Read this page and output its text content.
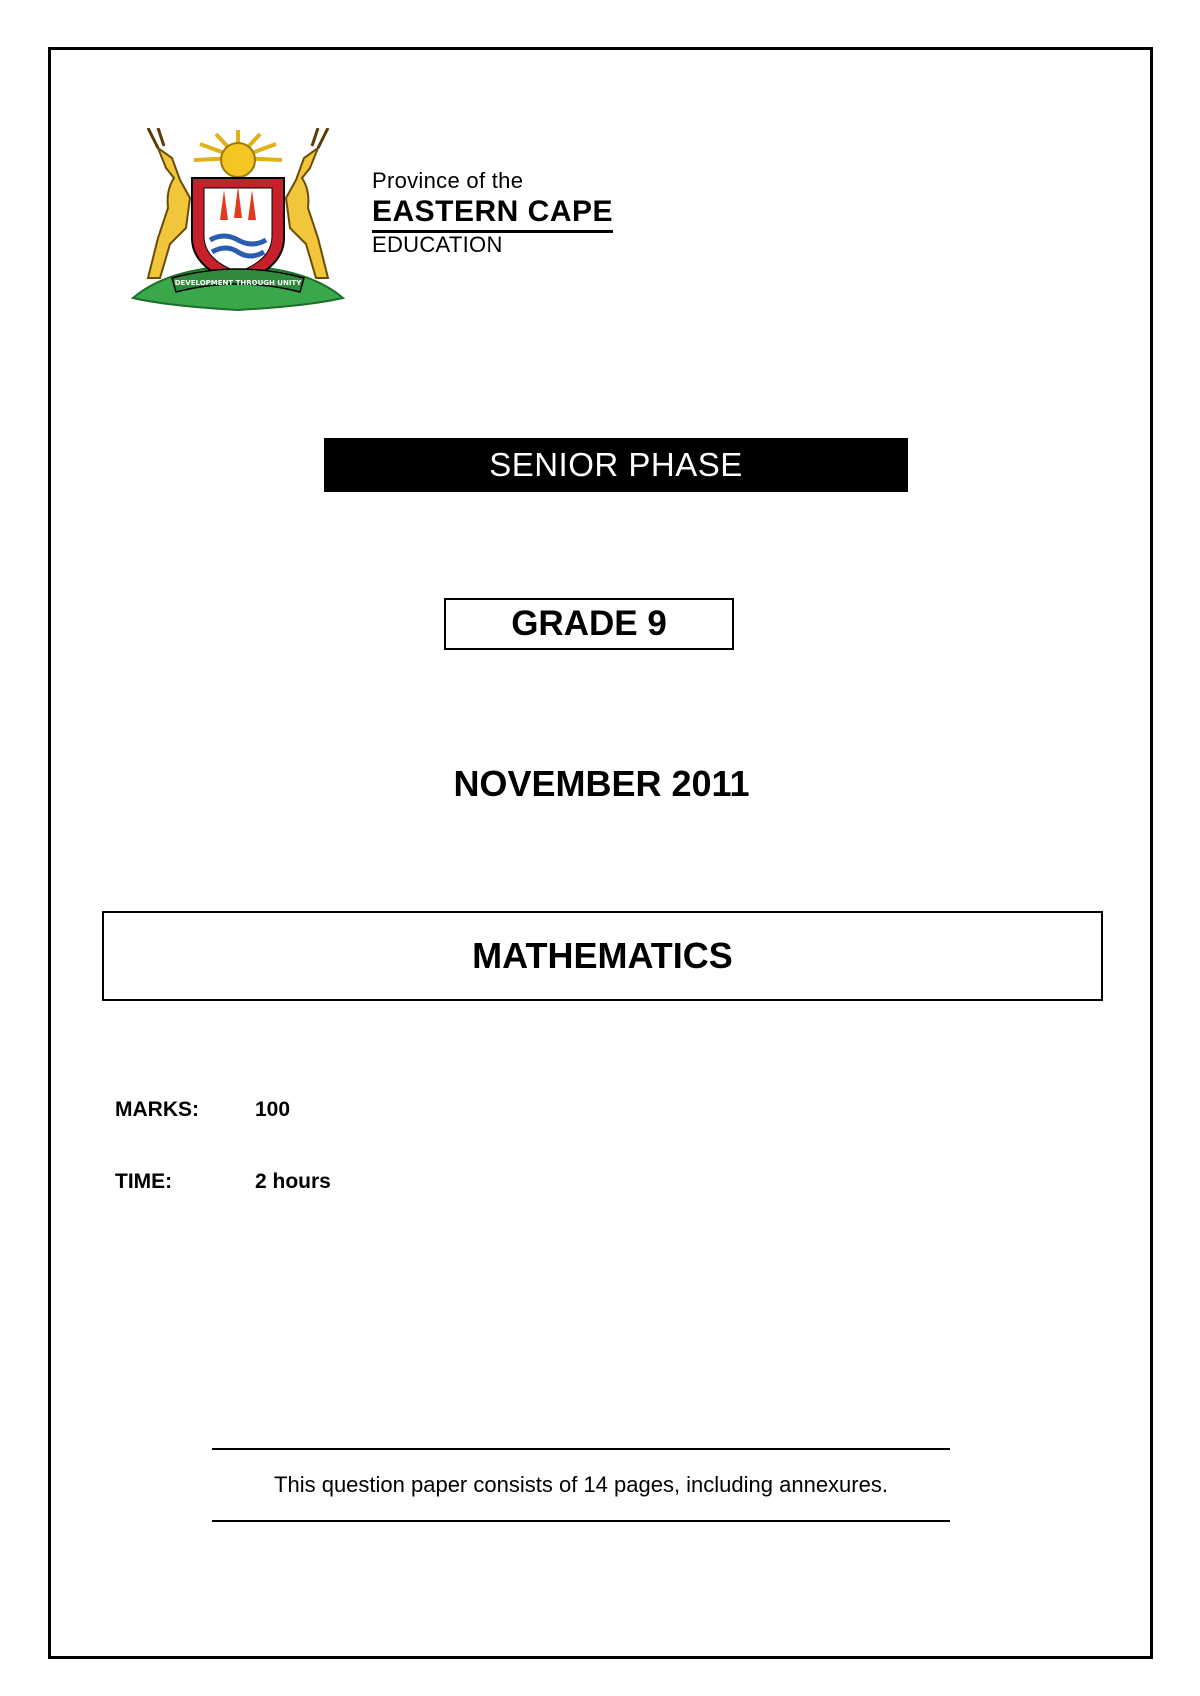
DEVELOPMENT THROUGH UNITY
Province of the
EASTERN CAPE
EDUCATION
SENIOR PHASE
GRADE 9
NOVEMBER 2011
MATHEMATICS
MARKS:	100
TIME:	2 hours
This question paper consists of 14 pages, including annexures.
